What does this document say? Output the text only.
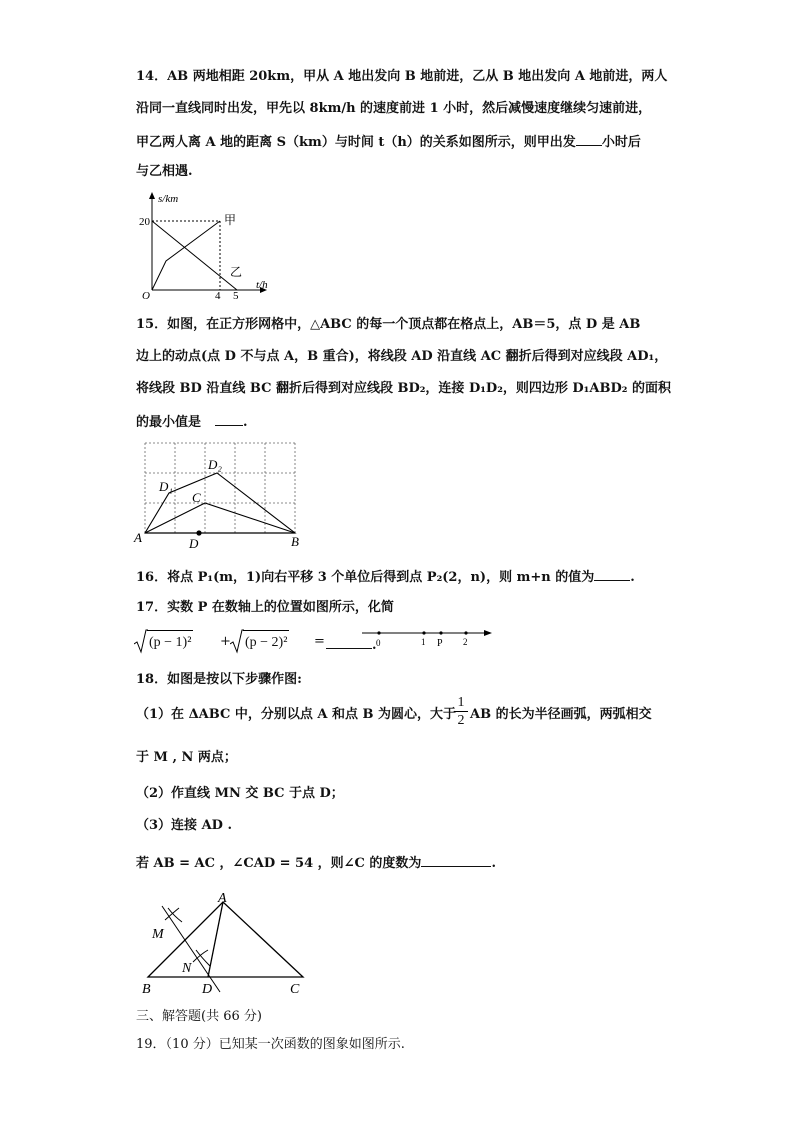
14．AB 两地相距 20km，甲从 A 地出发向 B 地前进，乙从 B 地出发向 A 地前进，两人
沿同一直线同时出发，甲先以 8km/h 的速度前进 1 小时，然后减慢速度继续匀速前进，
甲乙两人离 A 地的距离 S（km）与时间 t（h）的关系如图所示，则甲出发 小时后
与乙相遇.
s/km
t/h
20
O	4 5
甲
乙
15．如图，在正方形网格中，△ABC 的每一个顶点都在格点上，AB＝5，点 D 是 AB
边上的动点(点 D 不与点 A，B 重合)，将线段 AD 沿直线 AC 翻折后得到对应线段 AD₁，
将线段 BD 沿直线 BC 翻折后得到对应线段 BD₂，连接 D₁D₂，则四边形 D₁ABD₂ 的面积
的最小值是	.
A	B
C
D
D₁
D₂
16．将点 P₁(m，1)向右平移 3 个单位后得到点 P₂(2，n)，则 m+n 的值为	.
17．实数 P 在数轴上的位置如图所示，化简
(p − 1)² + (p − 2)² =	. 0	1 P 2
18．如图是按以下步骤作图:
（1）在 ΔABC 中，分别以点 A 和点 B 为圆心，大于
$\frac{1}{2}$ AB 的长为半径画弧，两弧相交
于 M , N 两点；
（2）作直线 MN 交 BC 于点 D；
（3）连接 AD .
若 AB = AC ，∠CAD = 54 ，则∠C 的度数为	.
M
N
A
B	D	C
三、解答题(共 66 分)
19．（10 分）已知某一次函数的图象如图所示.
